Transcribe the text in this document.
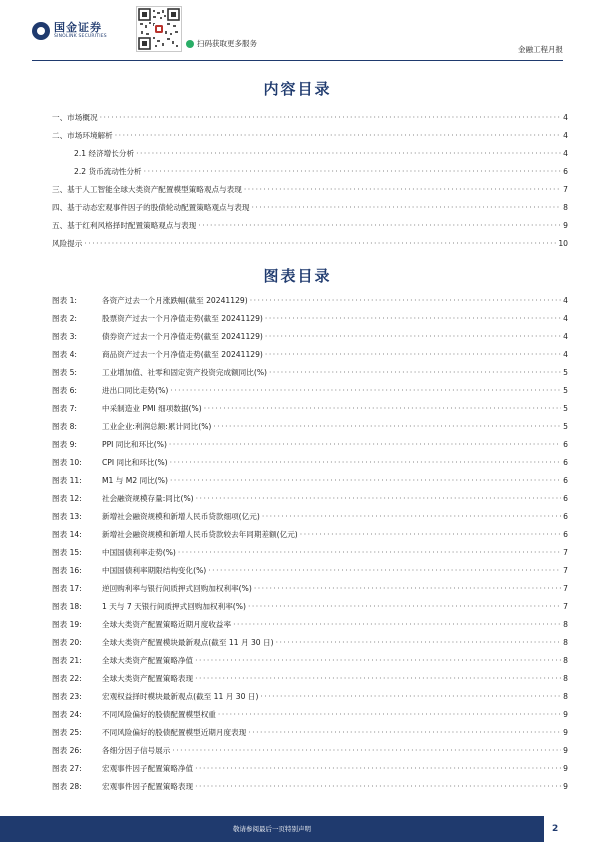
国金证券
SINOLINK SECURITIES
扫码获取更多服务
金融工程月报
内容目录
一、市场概况 ·····	4
二、市场环境解析 ·····	4
2.1 经济增长分析 ·····	4
2.2 货币流动性分析 ·····	6
三、基于人工智能全球大类资产配置模型策略观点与表现 ·····	7
四、基于动态宏观事件因子的股债轮动配置策略观点与表现 ·····	8
五、基于红利风格择时配置策略观点与表现 ·····	9
风险提示 ·····	10
图表目录
图表 1:	各资产过去一个月涨跌幅(截至 20241129) ·····	4
图表 2:	股票资产过去一个月净值走势(截至 20241129) ·····	4
图表 3:	债券资产过去一个月净值走势(截至 20241129) ·····	4
图表 4:	商品资产过去一个月净值走势(截至 20241129) ·····	4
图表 5:	工业增加值、社零和固定资产投资完成额同比(%) ·····	5
图表 6:	进出口同比走势(%) ·····	5
图表 7:	中采制造业 PMI 细项数据(%) ·····	5
图表 8:	工业企业:利润总额:累计同比(%) ·····	5
图表 9:	PPI 同比和环比(%) ·····	6
图表 10:	CPI 同比和环比(%) ·····	6
图表 11:	M1 与 M2 同比(%) ·····	6
图表 12:	社会融资规模存量:同比(%) ·····	6
图表 13:	新增社会融资规模和新增人民币贷款细项(亿元) ·····	6
图表 14:	新增社会融资规模和新增人民币贷款较去年同期差额(亿元) ·····	6
图表 15:	中国国债利率走势(%) ·····	7
图表 16:	中国国债利率期限结构变化(%) ·····	7
图表 17:	逆回购利率与银行间质押式回购加权利率(%) ·····	7
图表 18:	1 天与 7 天银行间质押式回购加权利率(%) ·····	7
图表 19:	全球大类资产配置策略近期月度收益率 ·····	8
图表 20:	全球大类资产配置模块最新观点(截至 11 月 30 日) ·····	8
图表 21:	全球大类资产配置策略净值 ·····	8
图表 22:	全球大类资产配置策略表现 ·····	8
图表 23:	宏观权益择时模块最新观点(截至 11 月 30 日) ·····	8
图表 24:	不同风险偏好的股债配置模型权重 ·····	9
图表 25:	不同风险偏好的股债配置模型近期月度表现 ·····	9
图表 26:	各细分因子信号展示 ·····	9
图表 27:	宏观事件因子配置策略净值 ·····	9
图表 28:	宏观事件因子配置策略表现 ·····	9
敬请参阅最后一页特别声明	2
